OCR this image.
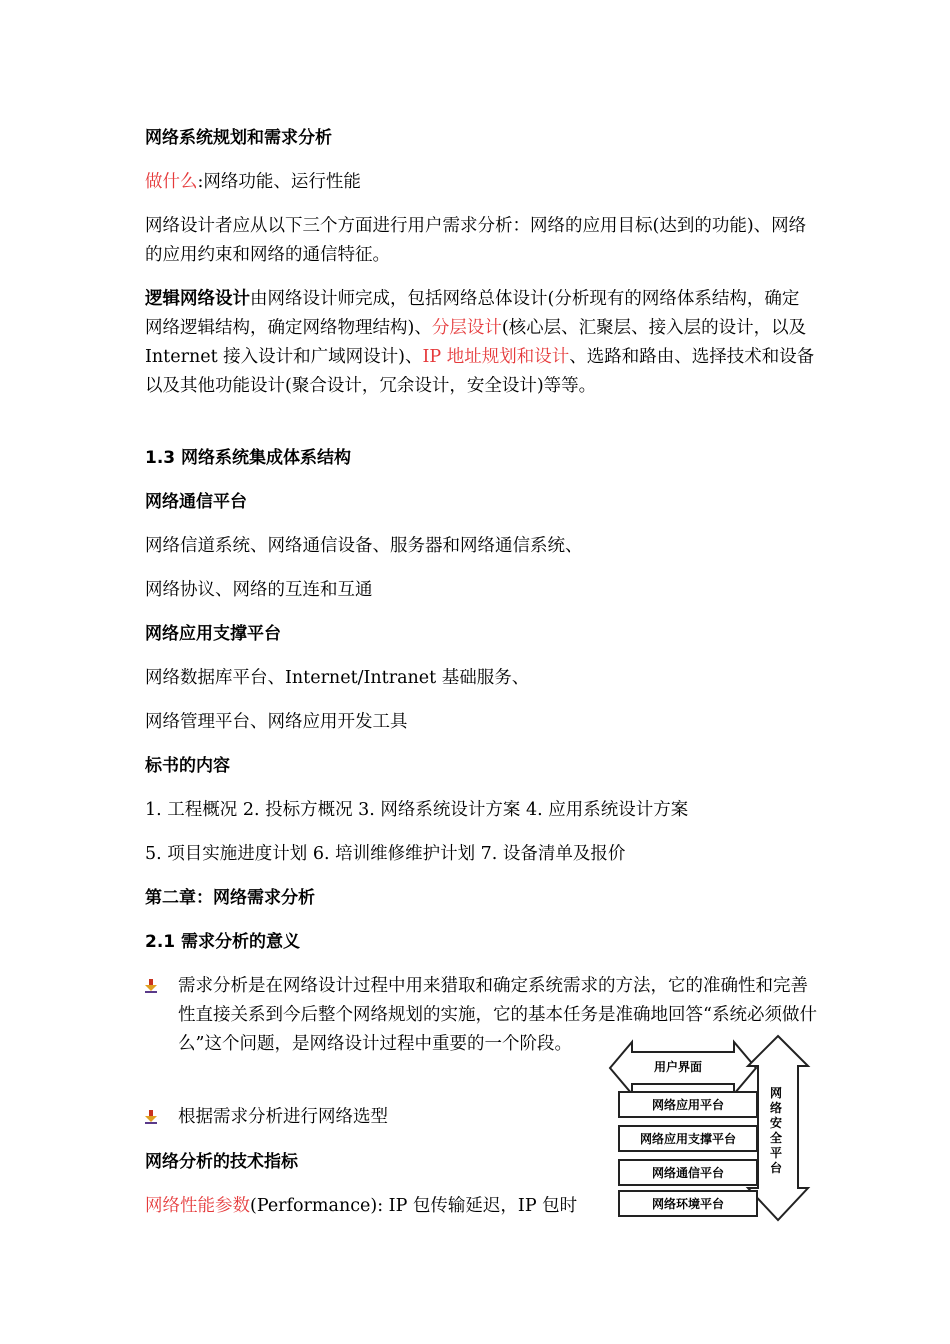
网络系统规划和需求分析
做什么:网络功能、运行性能
网络设计者应从以下三个方面进行用户需求分析：网络的应用目标(达到的功能)、网络的应用约束和网络的通信特征。
逻辑网络设计由网络设计师完成，包括网络总体设计(分析现有的网络体系结构，确定网络逻辑结构，确定网络物理结构)、分层设计(核心层、汇聚层、接入层的设计，以及 Internet 接入设计和广域网设计)、IP 地址规划和设计、选路和路由、选择技术和设备以及其他功能设计(聚合设计，冗余设计，安全设计)等等。
1.3 网络系统集成体系结构
网络通信平台
网络信道系统、网络通信设备、服务器和网络通信系统、
网络协议、网络的互连和互通
网络应用支撑平台
网络数据库平台、Internet/Intranet 基础服务、
网络管理平台、网络应用开发工具
标书的内容
1. 工程概况 2. 投标方概况 3. 网络系统设计方案 4. 应用系统设计方案
5. 项目实施进度计划 6. 培训维修维护计划 7. 设备清单及报价
第二章：网络需求分析
2.1 需求分析的意义
需求分析是在网络设计过程中用来猎取和确定系统需求的方法，它的准确性和完善性直接关系到今后整个网络规划的实施，它的基本任务是准确地回答“系统必须做什么”这个问题，是网络设计过程中重要的一个阶段。
根据需求分析进行网络选型
网络分析的技术指标
网络性能参数(Performance): IP 包传输延迟，IP 包时
用户界面
网络应用平台
网络应用支撑平台
网络通信平台
网络环境平台
网络安全平台
